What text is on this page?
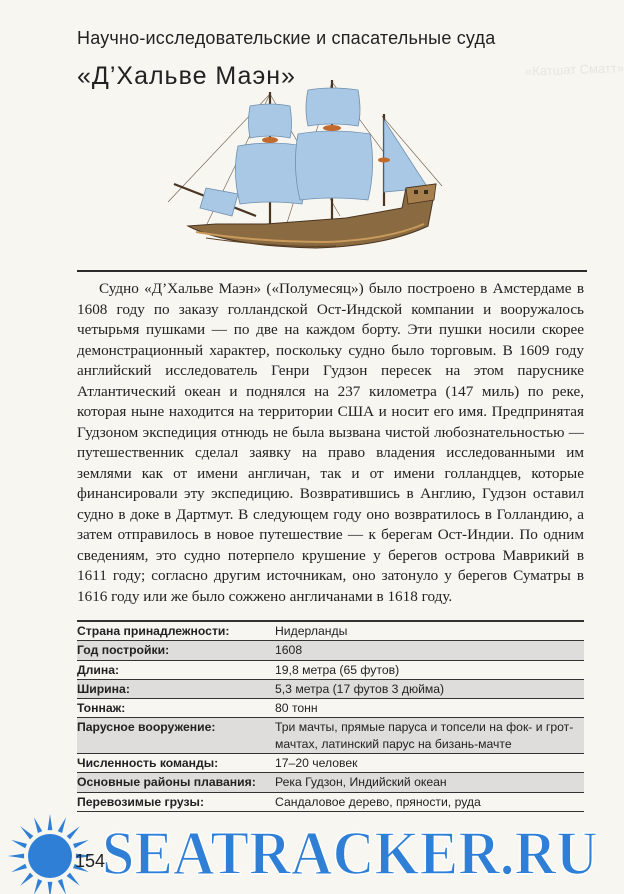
«Катшат Сматт»
Научно-исследовательские и спасательные суда
«Д’Хальве Маэн»

Судно «Д’Хальве Маэн» («Полумесяц») было построено в Амстердаме в 1608 году по заказу голландской Ост-Индской компании и вооружалось четырьмя пушками — по две на каждом борту. Эти пушки носили скорее демонстрационный характер, поскольку судно было торговым. В 1609 году английский исследователь Генри Гудзон пересек на этом паруснике Атлантический океан и поднялся на 237 километра (147 миль) по реке, которая ныне находится на территории США и носит его имя. Предпринятая Гудзоном экспедиция отнюдь не была вызвана чистой любознательностью — путешественник сделал заявку на право владения исследованными им землями как от имени англичан, так и от имени голландцев, которые финансировали эту экспедицию. Возвратившись в Англию, Гудзон оставил судно в доке в Дартмут. В следующем году оно возвратилось в Голландию, а затем отправилось в новое путешествие — к берегам Ост-Индии. По одним сведениям, это судно потерпело крушение у берегов острова Маврикий в 1611 году; согласно другим источникам, оно затонуло у берегов Суматры в 1616 году или же было сожжено англичанами в 1618 году.

Страна принадлежности:	Нидерланды
Год постройки:	1608
Длина:	19,8 метра (65 футов)
Ширина:	5,3 метра (17 футов 3 дюйма)
Тоннаж:	80 тонн
Парусное вооружение:	Три мачты, прямые паруса и топсели на фок- и грот-мачтах, латинский парус на бизань-мачте
Численность команды:	17–20 человек
Основные районы плавания:	Река Гудзон, Индийский океан
Перевозимые грузы:	Сандаловое дерево, пряности, руда
SEATRACKER.RU
154
